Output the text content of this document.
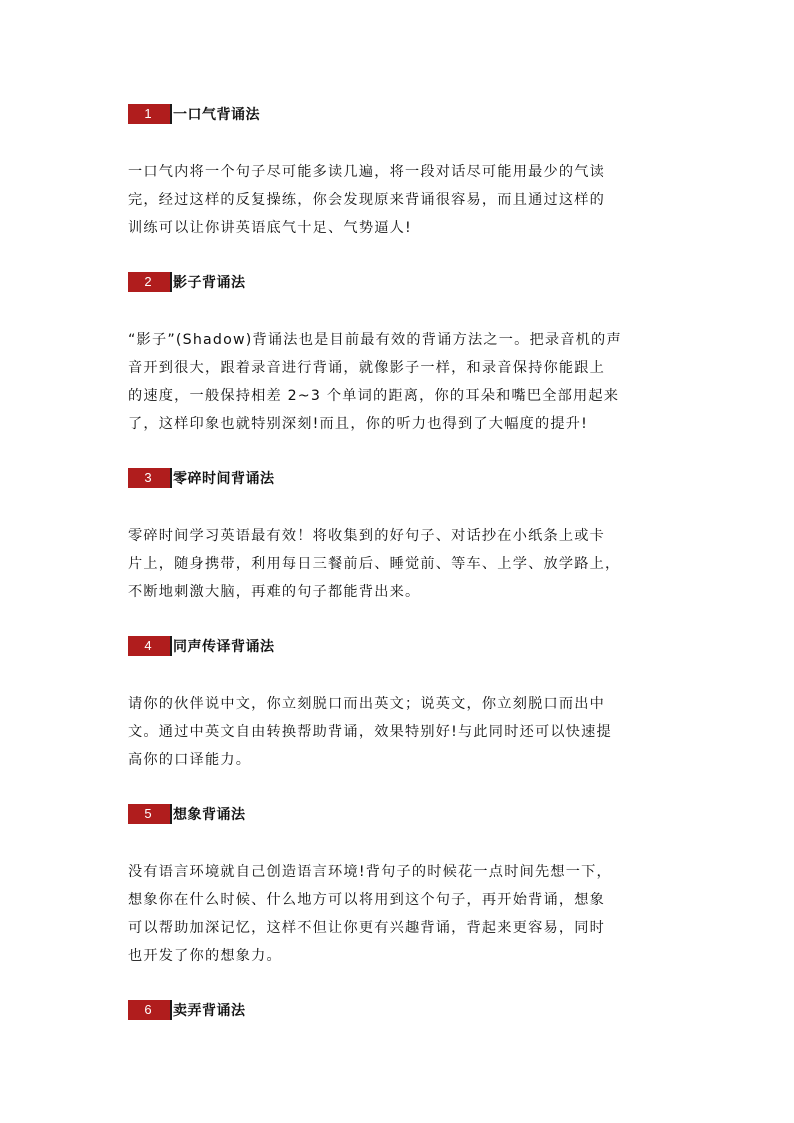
1	一口气背诵法
一口气内将一个句子尽可能多读几遍，将一段对话尽可能用最少的气读
完，经过这样的反复操练，你会发现原来背诵很容易，而且通过这样的
训练可以让你讲英语底气十足、气势逼人!
2	影子背诵法
“影子”(Shadow)背诵法也是目前最有效的背诵方法之一。把录音机的声
音开到很大，跟着录音进行背诵，就像影子一样，和录音保持你能跟上
的速度，一般保持相差 2~3 个单词的距离，你的耳朵和嘴巴全部用起来
了，这样印象也就特别深刻!而且，你的听力也得到了大幅度的提升!
3	零碎时间背诵法
零碎时间学习英语最有效！将收集到的好句子、对话抄在小纸条上或卡
片上，随身携带，利用每日三餐前后、睡觉前、等车、上学、放学路上，
不断地刺激大脑，再难的句子都能背出来。
4	同声传译背诵法
请你的伙伴说中文，你立刻脱口而出英文；说英文，你立刻脱口而出中
文。通过中英文自由转换帮助背诵，效果特别好!与此同时还可以快速提
高你的口译能力。
5	想象背诵法
没有语言环境就自己创造语言环境!背句子的时候花一点时间先想一下，
想象你在什么时候、什么地方可以将用到这个句子，再开始背诵，想象
可以帮助加深记忆，这样不但让你更有兴趣背诵，背起来更容易，同时
也开发了你的想象力。
6	卖弄背诵法
